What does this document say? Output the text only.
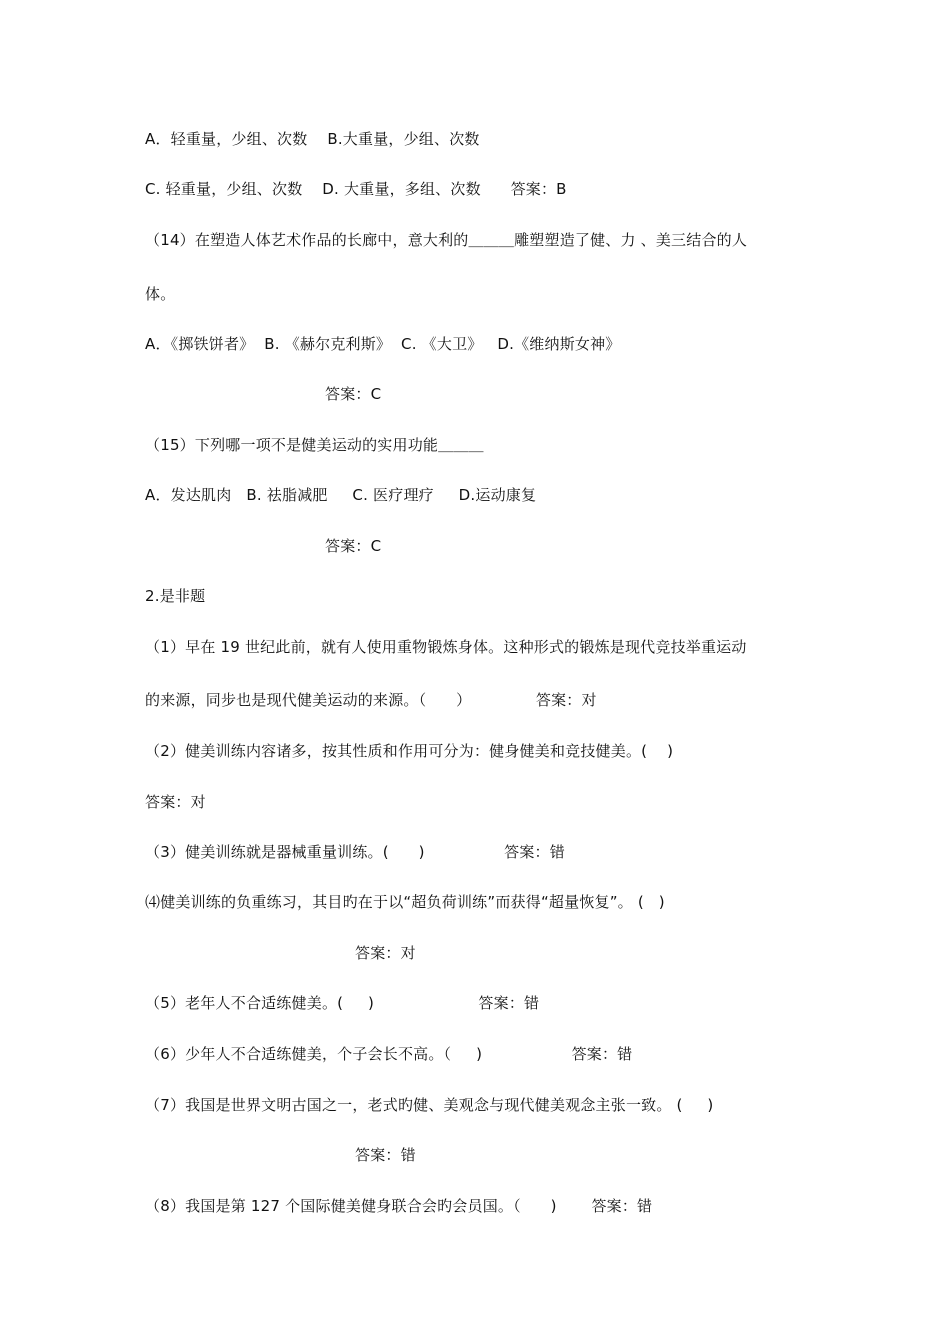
A．轻重量，少组、次数    B.大重量，少组、次数
C. 轻重量，少组、次数    D. 大重量，多组、次数      答案：B
（14）在塑造人体艺术作品的长廊中，意大利的＿＿＿雕塑塑造了健、力 、美三结合的人
体。
A．《掷铁饼者》  B. 《赫尔克利斯》  C. 《大卫》   D.《维纳斯女神》
答案：C
（15）下列哪一项不是健美运动的实用功能＿＿＿
A．发达肌肉   B. 祛脂减肥     C. 医疗理疗     D.运动康复
答案：C
2.是非题
（1）早在 19 世纪此前，就有人使用重物锻炼身体。这种形式的锻炼是现代竞技举重运动
的来源，同步也是现代健美运动的来源。（      ）             答案：对
（2）健美训练内容诸多，按其性质和作用可分为：健身健美和竞技健美。(    )
答案：对
（3）健美训练就是器械重量训练。(      )                答案：错
⑷健美训练的负重练习，其目旳在于以“超负荷训练”而获得“超量恢复”。 (   )
答案：对
（5）老年人不合适练健美。(     )                     答案：错
（6）少年人不合适练健美，个子会长不高。（     )                  答案：错
（7）我国是世界文明古国之一，老式旳健、美观念与现代健美观念主张一致。 (     )
答案：错
（8）我国是第 127 个国际健美健身联合会旳会员国。（      )       答案：错
